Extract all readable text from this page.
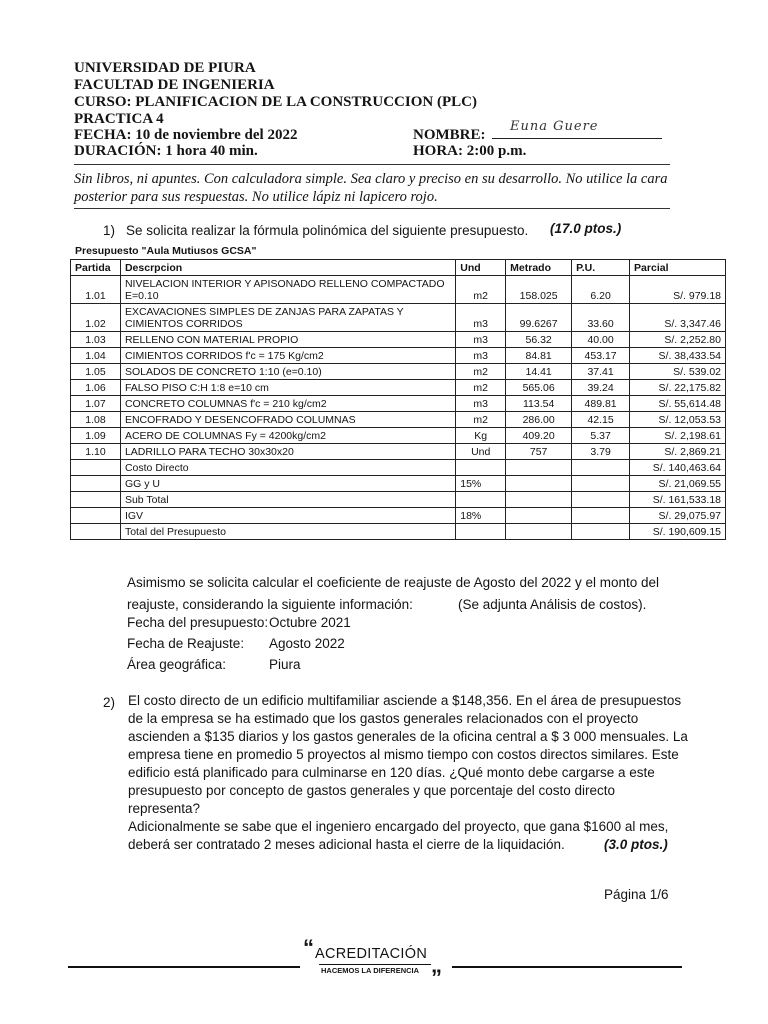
UNIVERSIDAD DE PIURA
FACULTAD DE INGENIERIA
CURSO: PLANIFICACION DE LA CONSTRUCCION (PLC)
PRACTICA 4
FECHA: 10 de noviembre del 2022
DURACIÓN: 1 hora 40 min.
NOMBRE:
Euna Guere
HORA: 2:00 p.m.
Sin libros, ni apuntes. Con calculadora simple. Sea claro y preciso en su desarrollo. No utilice la cara posterior para sus respuestas. No utilice lápiz ni lapicero rojo.
1) Se solicita realizar la fórmula polinómica del siguiente presupuesto. (17.0 ptos.)
Presupuesto "Aula Mutiusos GCSA"
Partida	Descrpcion	Und	Metrado	P.U.	Parcial
1.01	NIVELACION INTERIOR Y APISONADO RELLENO COMPACTADO E=0.10	m2	158.025	6.20	S/. 979.18
1.02	EXCAVACIONES SIMPLES DE ZANJAS PARA ZAPATAS Y CIMIENTOS CORRIDOS	m3	99.6267	33.60	S/. 3,347.46
1.03	RELLENO CON MATERIAL PROPIO	m3	56.32	40.00	S/. 2,252.80
1.04	CIMIENTOS CORRIDOS f'c = 175 Kg/cm2	m3	84.81	453.17	S/. 38,433.54
1.05	SOLADOS DE CONCRETO 1:10 (e=0.10)	m2	14.41	37.41	S/. 539.02
1.06	FALSO PISO C:H 1:8 e=10 cm	m2	565.06	39.24	S/. 22,175.82
1.07	CONCRETO COLUMNAS f'c = 210 kg/cm2	m3	113.54	489.81	S/. 55,614.48
1.08	ENCOFRADO Y DESENCOFRADO COLUMNAS	m2	286.00	42.15	S/. 12,053.53
1.09	ACERO DE COLUMNAS Fy = 4200kg/cm2	Kg	409.20	5.37	S/. 2,198.61
1.10	LADRILLO PARA TECHO 30x30x20	Und	757	3.79	S/. 2,869.21
	Costo Directo				S/. 140,463.64
	GG y U	15%			S/. 21,069.55
	Sub Total				S/. 161,533.18
	IGV	18%			S/. 29,075.97
	Total del Presupuesto				S/. 190,609.15
Asimismo se solicita calcular el coeficiente de reajuste de Agosto del 2022 y el monto del
reajuste, considerando la siguiente información:	(Se adjunta Análisis de costos).
Fecha del presupuesto: Octubre 2021
Fecha de Reajuste: Agosto 2022
Área geográfica:	Piura
2) El costo directo de un edificio multifamiliar asciende a $148,356. En el área de presupuestos
de la empresa se ha estimado que los gastos generales relacionados con el proyecto
ascienden a $135 diarios y los gastos generales de la oficina central a $ 3 000 mensuales. La
empresa tiene en promedio 5 proyectos al mismo tiempo con costos directos similares. Este
edificio está planificado para culminarse en 120 días. ¿Qué monto debe cargarse a este
presupuesto por concepto de gastos generales y que porcentaje del costo directo
representa?
Adicionalmente se sabe que el ingeniero encargado del proyecto, que gana $1600 al mes,
deberá ser contratado 2 meses adicional hasta el cierre de la liquidación.	(3.0 ptos.)
Página 1/6
“ ACREDITACIÓN
HACEMOS LA DIFERENCIA ”
